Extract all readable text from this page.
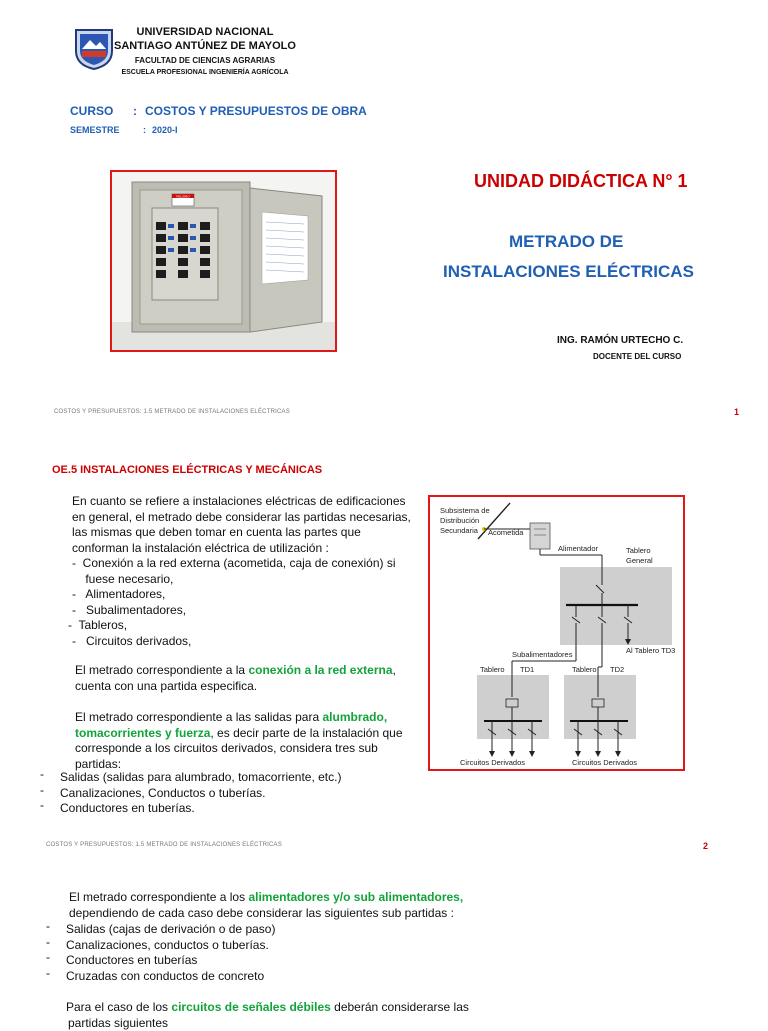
UNIVERSIDAD NACIONAL
SANTIAGO ANTÚNEZ DE MAYOLO
FACULTAD DE CIENCIAS AGRARIAS
ESCUELA PROFESIONAL INGENIERÍA AGRÍCOLA
CURSO : COSTOS Y PRESUPUESTOS DE OBRA
SEMESTRE	: 2020-I
PELIGRO
UNIDAD DIDÁCTICA N° 1
METRADO DE
INSTALACIONES ELÉCTRICAS
ING. RAMÓN URTECHO C.
DOCENTE DEL CURSO
COSTOS Y PRESUPUESTOS: 1.5 METRADO DE INSTALACIONES ELÉCTRICAS	1
OE.5 INSTALACIONES ELÉCTRICAS Y MECÁNICAS
En cuanto se refiere a instalaciones eléctricas de edificaciones
en general, el metrado debe considerar las partidas necesarias,
las mismas que deben tomar en cuenta las partes que
conforman la instalación eléctrica de utilización :
-  Conexión a la red externa (acometida, caja de conexión) si
fuese necesario,
-   Alimentadores,
-   Subalimentadores,
-  Tableros,
-   Circuitos derivados,
El metrado correspondiente a la conexión a la red externa,
cuenta con una partida especifica.
El metrado correspondiente a las salidas para alumbrado,
tomacorrientes y fuerza, es decir parte de la instalación que
corresponde a los circuitos derivados, considera tres sub
partidas:
- Salidas (salidas para alumbrado, tomacorriente, etc.)
- Canalizaciones, Conductos o tuberías.
- Conductores en tuberías.
Subsistema de
Distribución
Secundaria Acometida
Alimentador	Tablero
General
Al Tablero TD3
Subalimentadores
Tablero TD1	Tablero TD2
Circuitos Derivados	Circuitos Derivados
COSTOS Y PRESUPUESTOS: 1.5 METRADO DE INSTALACIONES ELÉCTRICAS	2
El metrado correspondiente a los alimentadores y/o sub alimentadores,
dependiendo de cada caso debe considerar las siguientes sub partidas :
- Salidas (cajas de derivación o de paso)
- Canalizaciones, conductos o tuberías.
- Conductores en tuberías
- Cruzadas con conductos de concreto
Para el caso de los circuitos de señales débiles deberán considerarse las
partidas siguientes
